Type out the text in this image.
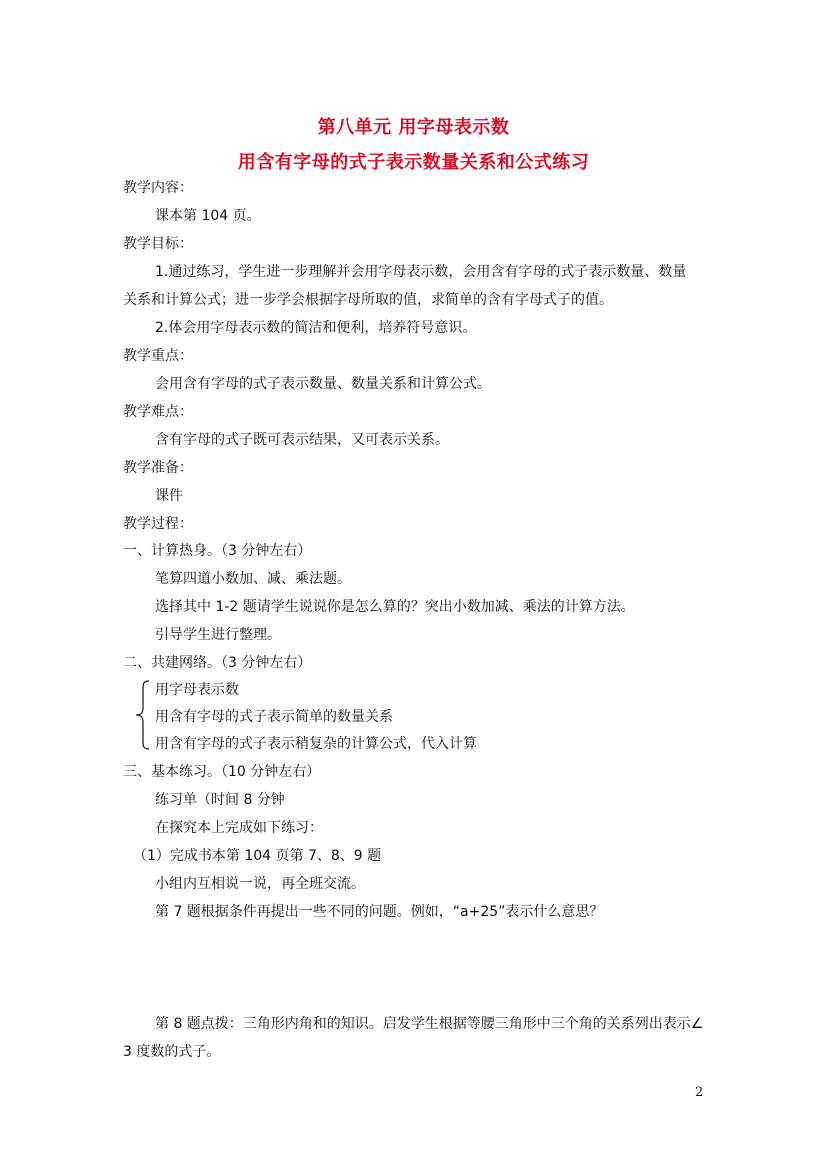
第八单元 用字母表示数
用含有字母的式子表示数量关系和公式练习
教学内容：
课本第 104 页。
教学目标：
1.通过练习，学生进一步理解并会用字母表示数，会用含有字母的式子表示数量、数量
关系和计算公式；进一步学会根据字母所取的值，求简单的含有字母式子的值。
2.体会用字母表示数的简洁和便利，培养符号意识。
教学重点：
会用含有字母的式子表示数量、数量关系和计算公式。
教学难点：
含有字母的式子既可表示结果，又可表示关系。
教学准备：
课件
教学过程：
一、计算热身。（3 分钟左右）
笔算四道小数加、减、乘法题。
选择其中 1-2 题请学生说说你是怎么算的？突出小数加减、乘法的计算方法。
引导学生进行整理。
二、共建网络。（3 分钟左右）
用字母表示数
用含有字母的式子表示简单的数量关系
用含有字母的式子表示稍复杂的计算公式，代入计算
三、基本练习。（10 分钟左右）
练习单（时间 8 分钟
在探究本上完成如下练习：
（1）完成书本第 104 页第 7、8、9 题
小组内互相说一说，再全班交流。
第 7 题根据条件再提出一些不同的问题。例如，“a+25”表示什么意思？
第 8 题点拨：三角形内角和的知识。启发学生根据等腰三角形中三个角的关系列出表示∠
3 度数的式子。
2
